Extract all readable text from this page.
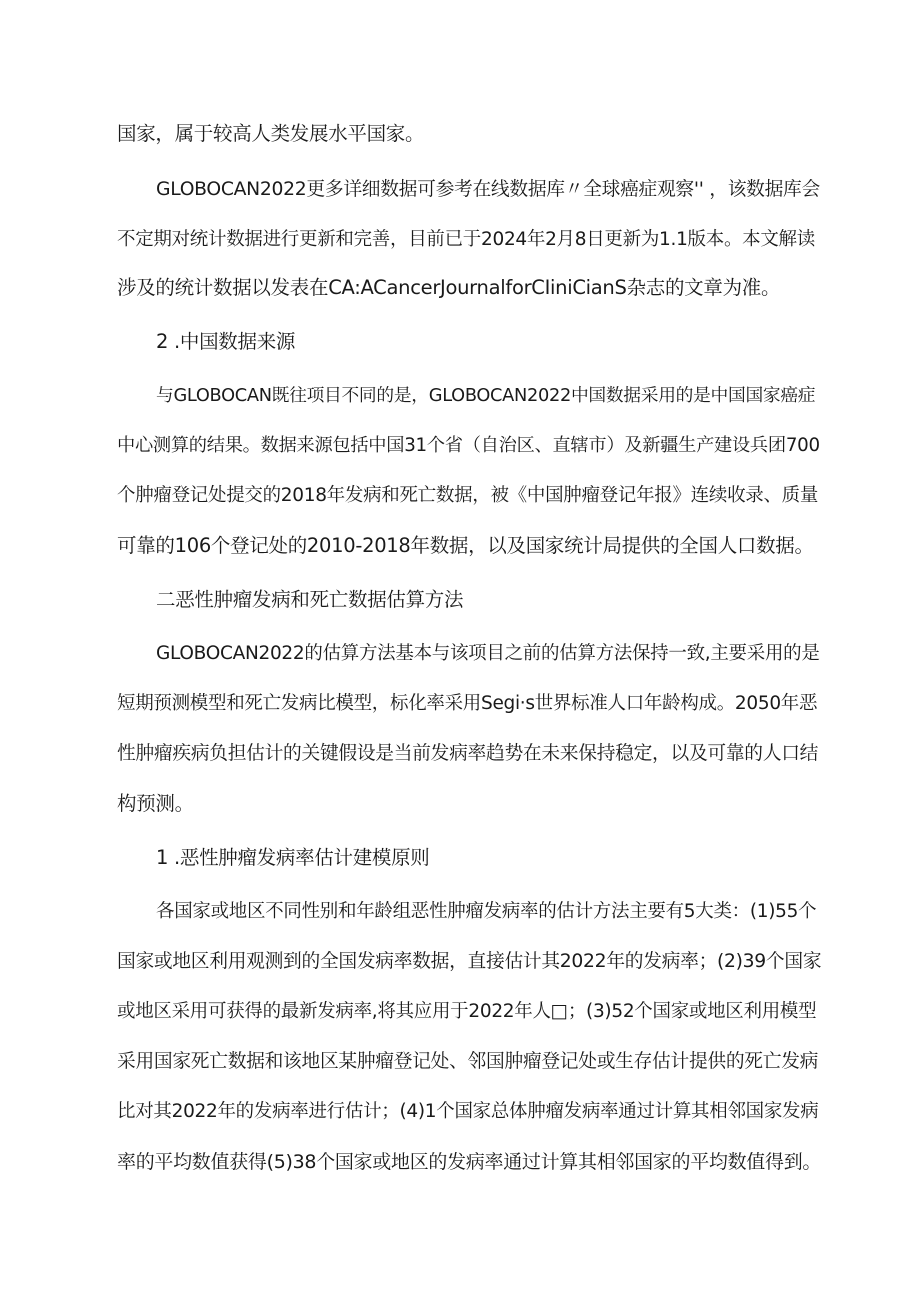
国家，属于较高人类发展水平国家。
GLOBOCAN2022更多详细数据可参考在线数据库〃全球癌症观察'' ，该数据库会
不定期对统计数据进行更新和完善，目前已于2024年2月8日更新为1.1版本。本文解读
涉及的统计数据以发表在CA:ACancerJournalforCIiniCianS杂志的文章为准。
2 .中国数据来源
与GLOBOCAN既往项目不同的是，GLOBOCAN2022中国数据采用的是中国国家癌症
中心测算的结果。数据来源包括中国31个省（自治区、直辖市）及新疆生产建设兵团700
个肿瘤登记处提交的2018年发病和死亡数据，被《中国肿瘤登记年报》连续收录、质量
可靠的106个登记处的2010-2018年数据，以及国家统计局提供的全国人口数据。
二恶性肿瘤发病和死亡数据估算方法
GLOBOCAN2022的估算方法基本与该项目之前的估算方法保持一致,主要采用的是
短期预测模型和死亡发病比模型，标化率采用Segi·s世界标准人口年龄构成。2050年恶
性肿瘤疾病负担估计的关键假设是当前发病率趋势在未来保持稳定，以及可靠的人口结
构预测。
1 .恶性肿瘤发病率估计建模原则
各国家或地区不同性别和年龄组恶性肿瘤发病率的估计方法主要有5大类：(1)55个
国家或地区利用观测到的全国发病率数据，直接估计其2022年的发病率；(2)39个国家
或地区采用可获得的最新发病率,将其应用于2022年人□；(3)52个国家或地区利用模型
采用国家死亡数据和该地区某肿瘤登记处、邻国肿瘤登记处或生存估计提供的死亡发病
比对其2022年的发病率进行估计；(4)1个国家总体肿瘤发病率通过计算其相邻国家发病
率的平均数值获得(5)38个国家或地区的发病率通过计算其相邻国家的平均数值得到。
